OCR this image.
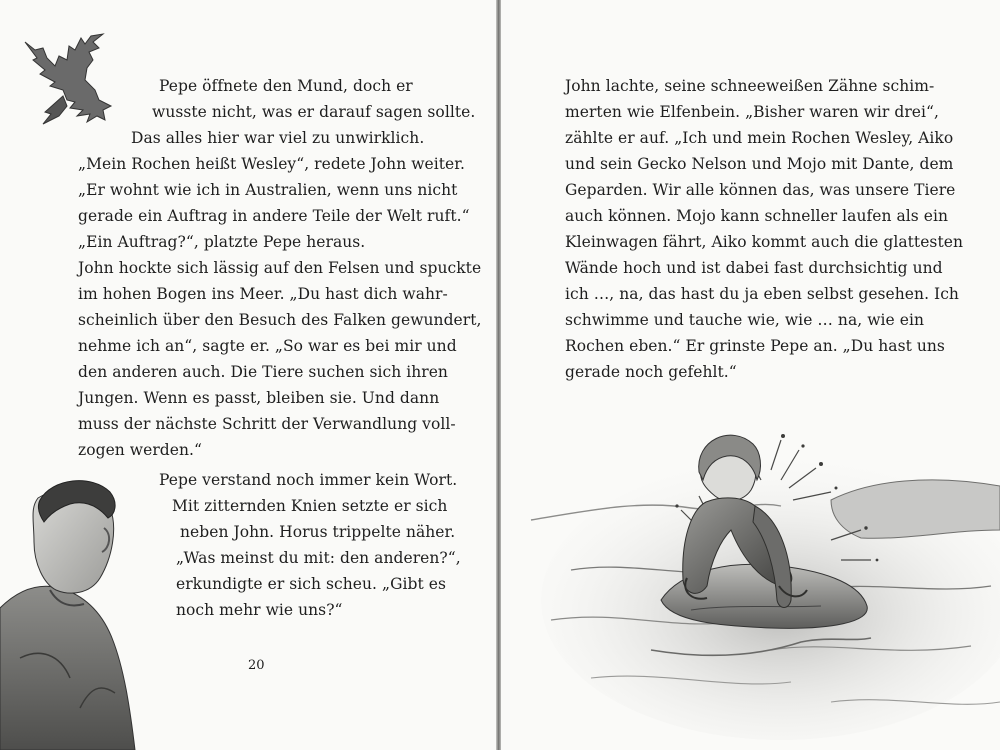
Pepe öffnete den Mund, doch er
wusste nicht, was er darauf sagen sollte.
Das alles hier war viel zu unwirklich.
„Mein Rochen heißt Wesley“, redete John weiter.
„Er wohnt wie ich in Australien, wenn uns nicht
gerade ein Auftrag in andere Teile der Welt ruft.“
„Ein Auftrag?“, platzte Pepe heraus.
John hockte sich lässig auf den Felsen und spuckte
im hohen Bogen ins Meer. „Du hast dich wahr-
scheinlich über den Besuch des Falken gewundert,
nehme ich an“, sagte er. „So war es bei mir und
den anderen auch. Die Tiere suchen sich ihren
Jungen. Wenn es passt, bleiben sie. Und dann
muss der nächste Schritt der Verwandlung voll-
zogen werden.“
Pepe verstand noch immer kein Wort.
Mit zitternden Knien setzte er sich
neben John. Horus trippelte näher.
„Was meinst du mit: den anderen?“,
erkundigte er sich scheu. „Gibt es
noch mehr wie uns?“
20
John lachte, seine schneeweißen Zähne schim-
merten wie Elfenbein. „Bisher waren wir drei“,
zählte er auf. „Ich und mein Rochen Wesley, Aiko
und sein Gecko Nelson und Mojo mit Dante, dem
Geparden. Wir alle können das, was unsere Tiere
auch können. Mojo kann schneller laufen als ein
Kleinwagen fährt, Aiko kommt auch die glattesten
Wände hoch und ist dabei fast durchsichtig und
ich …, na, das hast du ja eben selbst gesehen. Ich
schwimme und tauche wie, wie … na, wie ein
Rochen eben.“ Er grinste Pepe an. „Du hast uns
gerade noch gefehlt.“
